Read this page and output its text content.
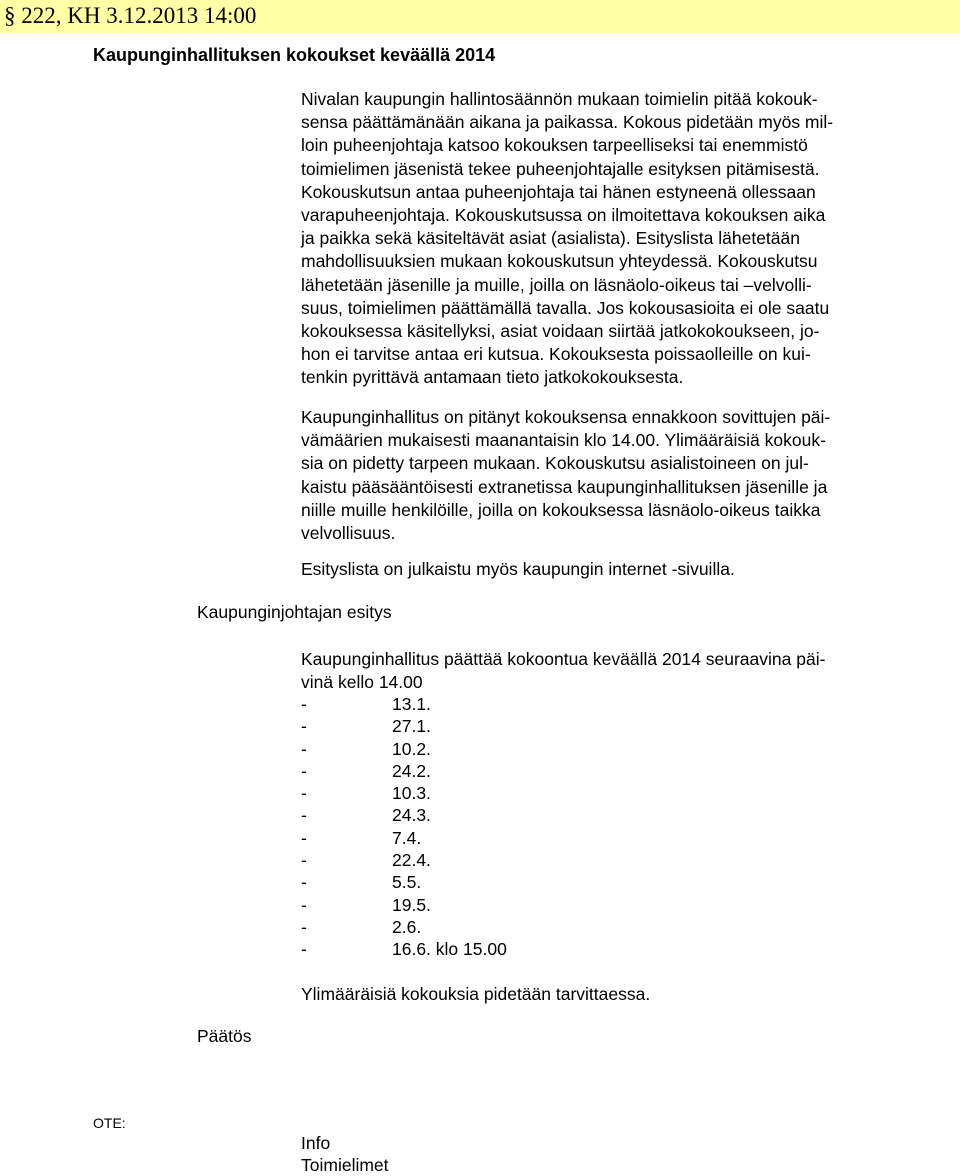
§ 222, KH 3.12.2013 14:00
Kaupunginhallituksen kokoukset keväällä 2014
Nivalan kaupungin hallintosäännön mukaan toimielin pitää kokouk-
sensa päättämänään aikana ja paikassa. Kokous pidetään myös mil-
loin puheenjohtaja katsoo kokouksen tarpeelliseksi tai enemmistö
toimielimen jäsenistä tekee puheenjohtajalle esityksen pitämisestä.
Kokouskutsun antaa puheenjohtaja tai hänen estyneenä ollessaan
varapuheenjohtaja. Kokouskutsussa on ilmoitettava kokouksen aika
ja paikka sekä käsiteltävät asiat (asialista). Esityslista lähetetään
mahdollisuuksien mukaan kokouskutsun yhteydessä. Kokouskutsu
lähetetään jäsenille ja muille, joilla on läsnäolo-oikeus tai –velvolli-
suus, toimielimen päättämällä tavalla. Jos kokousasioita ei ole saatu
kokouksessa käsitellyksi, asiat voidaan siirtää jatkokokoukseen, jo-
hon ei tarvitse antaa eri kutsua. Kokouksesta poissaolleille on kui-
tenkin pyrittävä antamaan tieto jatkokokouksesta.
Kaupunginhallitus on pitänyt kokouksensa ennakkoon sovittujen päi-
vämäärien mukaisesti maanantaisin klo 14.00. Ylimääräisiä kokouk-
sia on pidetty tarpeen mukaan. Kokouskutsu asialistoineen on jul-
kaistu pääsääntöisesti extranetissa kaupunginhallituksen jäsenille ja
niille muille henkilöille, joilla on kokouksessa läsnäolo-oikeus taikka
velvollisuus.
Esityslista on julkaistu myös kaupungin internet -sivuilla.
Kaupunginjohtajan esitys
Kaupunginhallitus päättää kokoontua keväällä 2014 seuraavina päi-
vinä kello 14.00
-	13.1.
-	27.1.
-	10.2.
-	24.2.
-	10.3.
-	24.3.
-	7.4.
-	22.4.
-	5.5.
-	19.5.
-	2.6.
-	16.6. klo 15.00
Ylimääräisiä kokouksia pidetään tarvittaessa.
Päätös
OTE:
Info
Toimielimet
